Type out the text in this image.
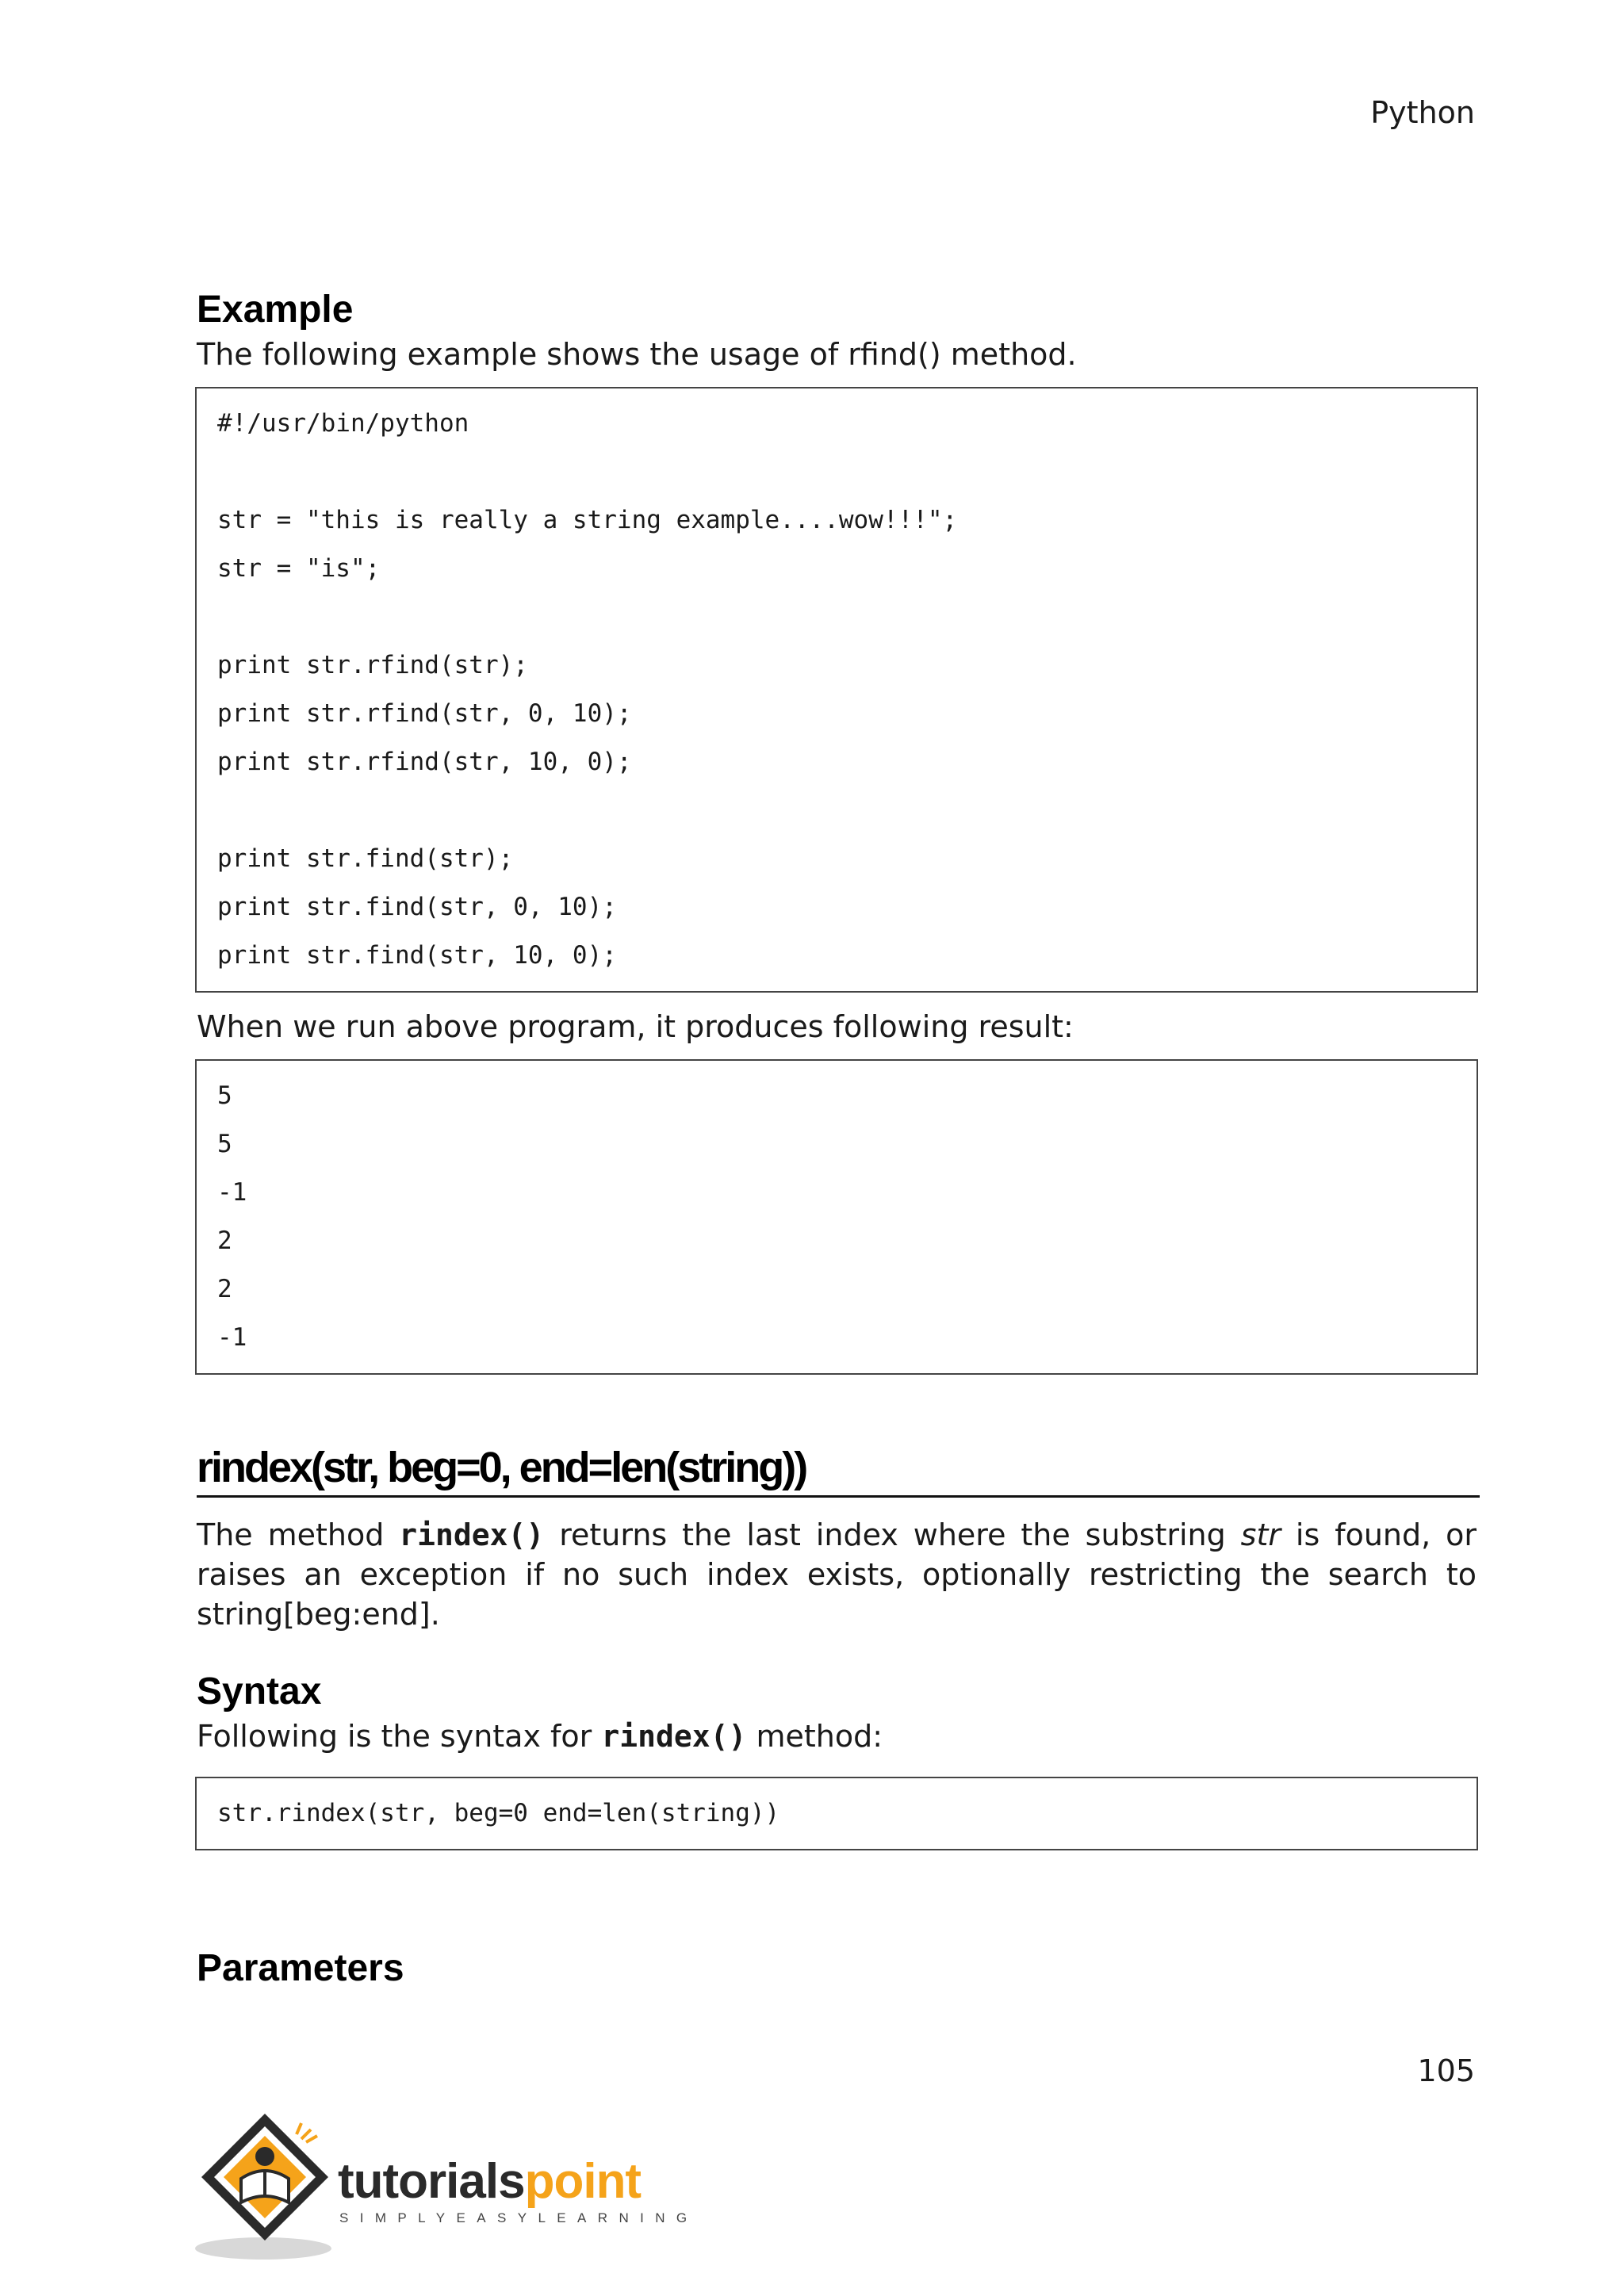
Python
Example

The following example shows the usage of rfind() method.

#!/usr/bin/python
str = "this is really a string example....wow!!!";
str = "is";
print str.rfind(str);
print str.rfind(str, 0, 10);
print str.rfind(str, 10, 0);
print str.find(str);
print str.find(str, 0, 10);
print str.find(str, 10, 0);

When we run above program, it produces following result:

5
5
-1
2
2
-1
rindex(str, beg=0, end=len(string))

The method rindex() returns the last index where the substring str is found, or raises an exception if no such index exists, optionally restricting the search to string[beg:end].

Syntax

Following is the syntax for rindex() method:

str.rindex(str, beg=0 end=len(string))
Parameters
105
tutorialspoint
SIMPLYEASYLEARNING
